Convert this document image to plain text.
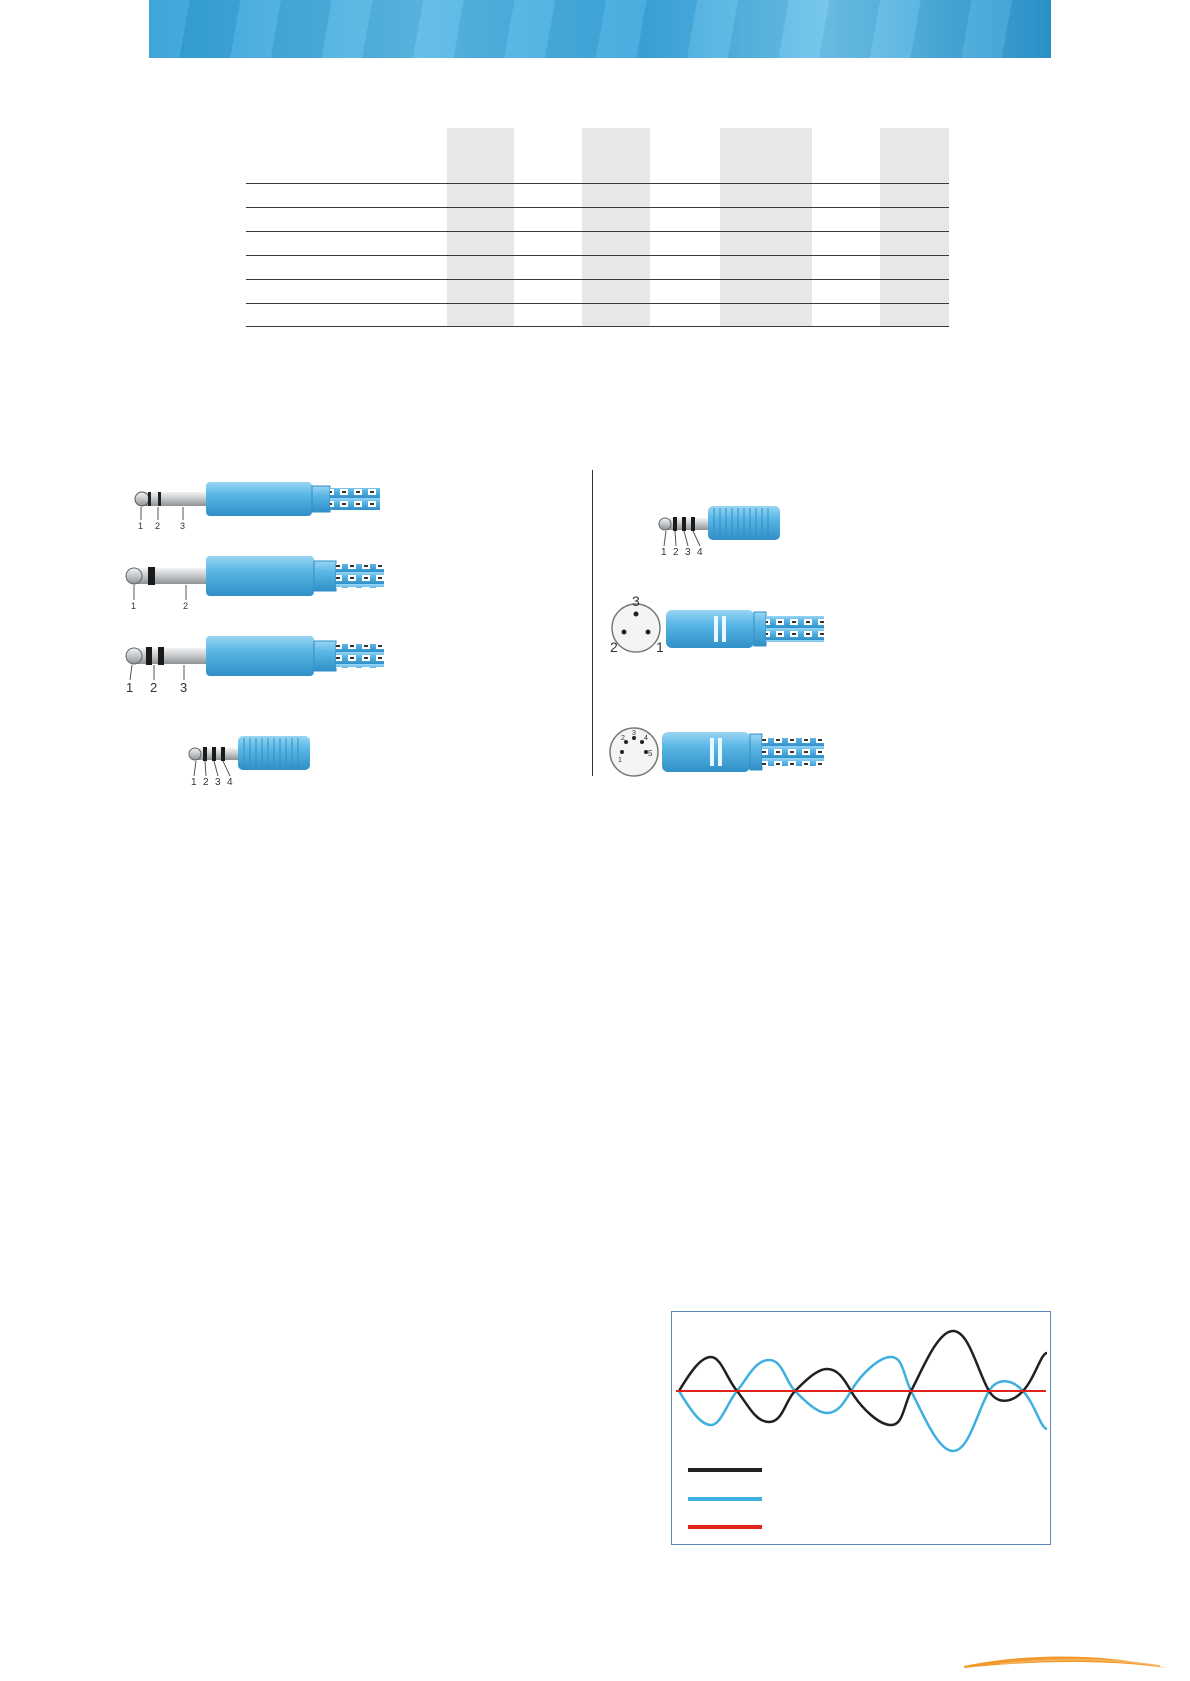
1 2 3
1	2
1 2 3
1 2 3 4
1 2 3 4
3
2	1
1
2
3
4
5
